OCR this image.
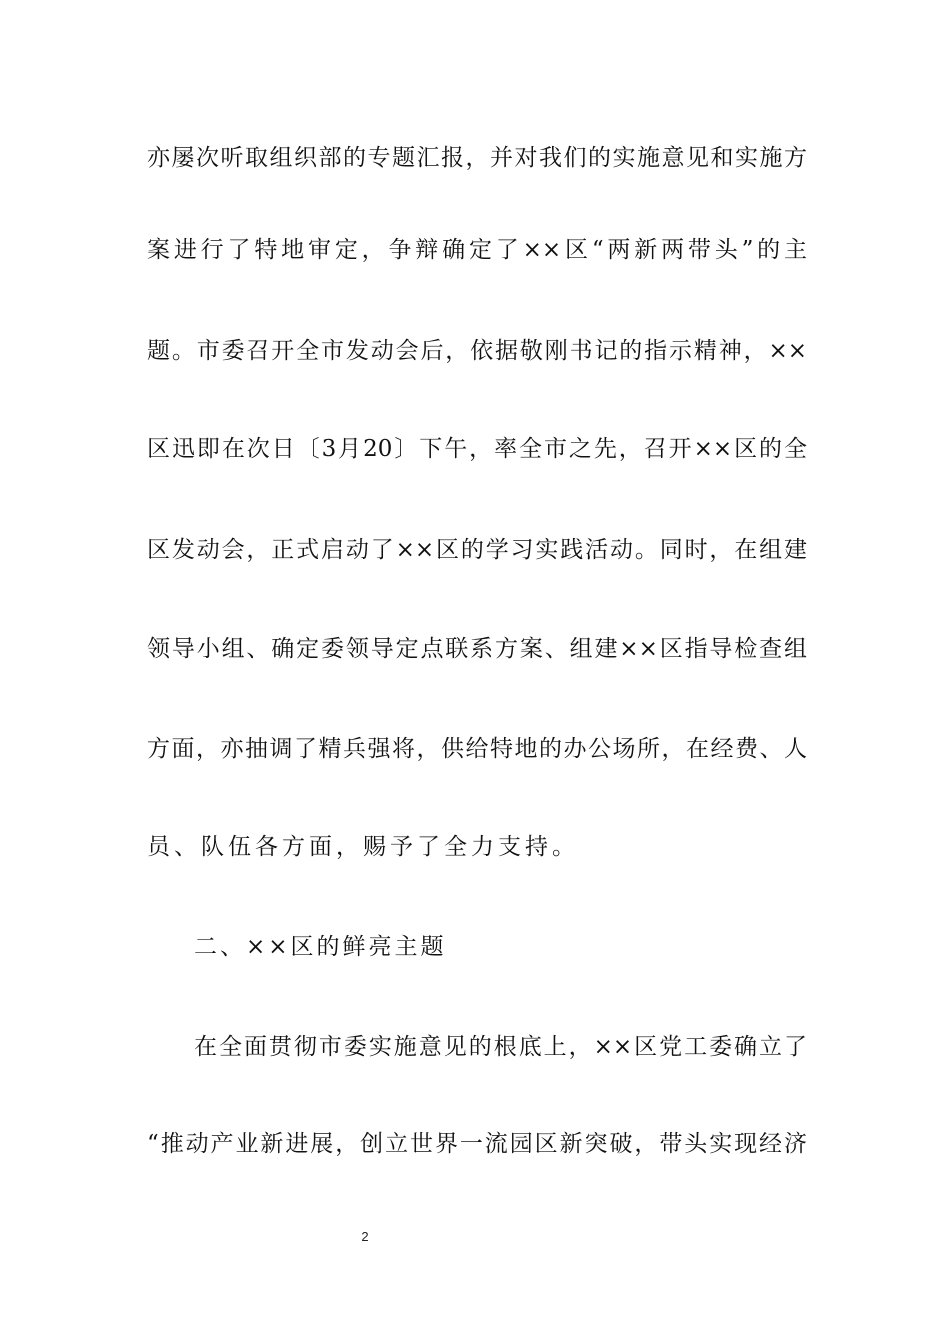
亦屡次听取组织部的专题汇报，并对我们的实施意见和实施方
案进行了特地审定，争辩确定了××区“两新两带头”的主
题。市委召开全市发动会后，依据敬刚书记的指示精神，××
区迅即在次日〔3月20〕下午，率全市之先，召开××区的全
区发动会，正式启动了××区的学习实践活动。同时，在组建
领导小组、确定委领导定点联系方案、组建××区指导检查组
方面，亦抽调了精兵强将，供给特地的办公场所，在经费、人
员、队伍各方面，赐予了全力支持。
二、××区的鲜亮主题
在全面贯彻市委实施意见的根底上，××区党工委确立了
“推动产业新进展，创立世界一流园区新突破，带头实现经济
2
